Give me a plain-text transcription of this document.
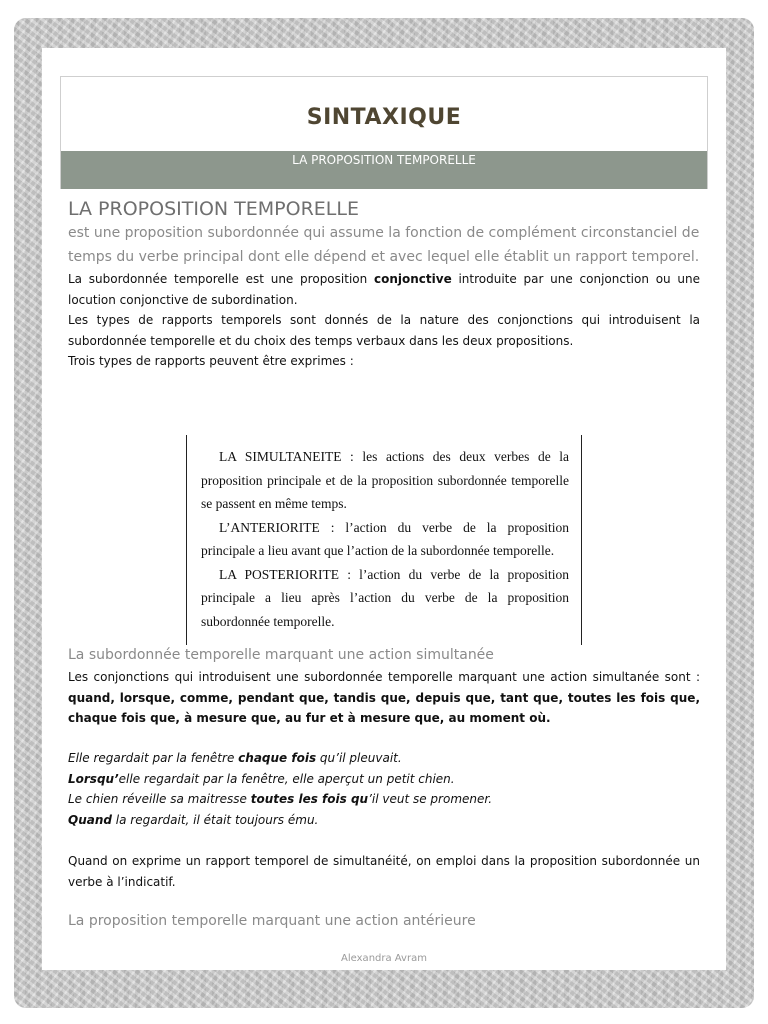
SINTAXIQUE
LA PROPOSITION TEMPORELLE

LA PROPOSITION TEMPORELLE

est une proposition subordonnée qui assume la fonction de complément circonstanciel de temps du verbe principal dont elle dépend et avec lequel elle établit un rapport temporel.

La subordonnée temporelle est une proposition conjonctive introduite par une conjonction ou une locution conjonctive de subordination.

Les types de rapports temporels sont donnés de la nature des conjonctions qui introduisent la subordonnée temporelle et du choix des temps verbaux dans les deux propositions.

Trois types de rapports peuvent être exprimes :

LA SIMULTANEITE : les actions des deux verbes de la proposition principale et de la proposition subordonnée temporelle se passent en même temps.

L’ANTERIORITE : l’action du verbe de la proposition principale a lieu avant que l’action de la subordonnée temporelle.

LA POSTERIORITE : l’action du verbe de la proposition principale a lieu après l’action du verbe de la proposition subordonnée temporelle.

La subordonnée temporelle marquant une action simultanée

Les conjonctions qui introduisent une subordonnée temporelle marquant une action simultanée sont : quand, lorsque, comme, pendant que, tandis que, depuis que, tant que, toutes les fois que, chaque fois que, à mesure que, au fur et à mesure que, au moment où.

Elle regardait par la fenêtre chaque fois qu’il pleuvait.
Lorsqu’elle regardait par la fenêtre, elle aperçut un petit chien.
Le chien réveille sa maitresse toutes les fois qu’il veut se promener.
Quand la regardait, il était toujours ému.

Quand on exprime un rapport temporel de simultanéité, on emploi dans la proposition subordonnée un verbe à l’indicatif.

La proposition temporelle marquant une action antérieure

Alexandra Avram
